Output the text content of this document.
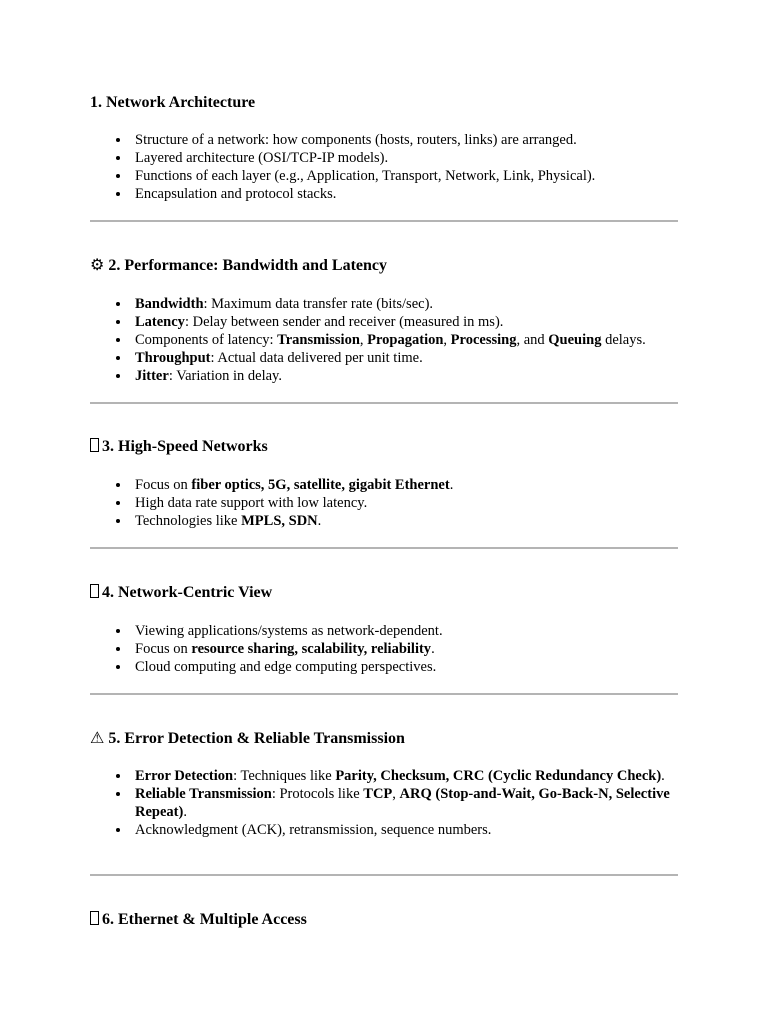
1. Network Architecture
Structure of a network: how components (hosts, routers, links) are arranged.
Layered architecture (OSI/TCP-IP models).
Functions of each layer (e.g., Application, Transport, Network, Link, Physical).
Encapsulation and protocol stacks.
⚙ 2. Performance: Bandwidth and Latency
Bandwidth: Maximum data transfer rate (bits/sec).
Latency: Delay between sender and receiver (measured in ms).
Components of latency: Transmission, Propagation, Processing, and Queuing delays.
Throughput: Actual data delivered per unit time.
Jitter: Variation in delay.
3. High-Speed Networks
Focus on fiber optics, 5G, satellite, gigabit Ethernet.
High data rate support with low latency.
Technologies like MPLS, SDN.
4. Network-Centric View
Viewing applications/systems as network-dependent.
Focus on resource sharing, scalability, reliability.
Cloud computing and edge computing perspectives.
⚠ 5. Error Detection & Reliable Transmission
Error Detection: Techniques like Parity, Checksum, CRC (Cyclic Redundancy Check).
Reliable Transmission: Protocols like TCP, ARQ (Stop-and-Wait, Go-Back-N, Selective Repeat).
Acknowledgment (ACK), retransmission, sequence numbers.
6. Ethernet & Multiple Access
